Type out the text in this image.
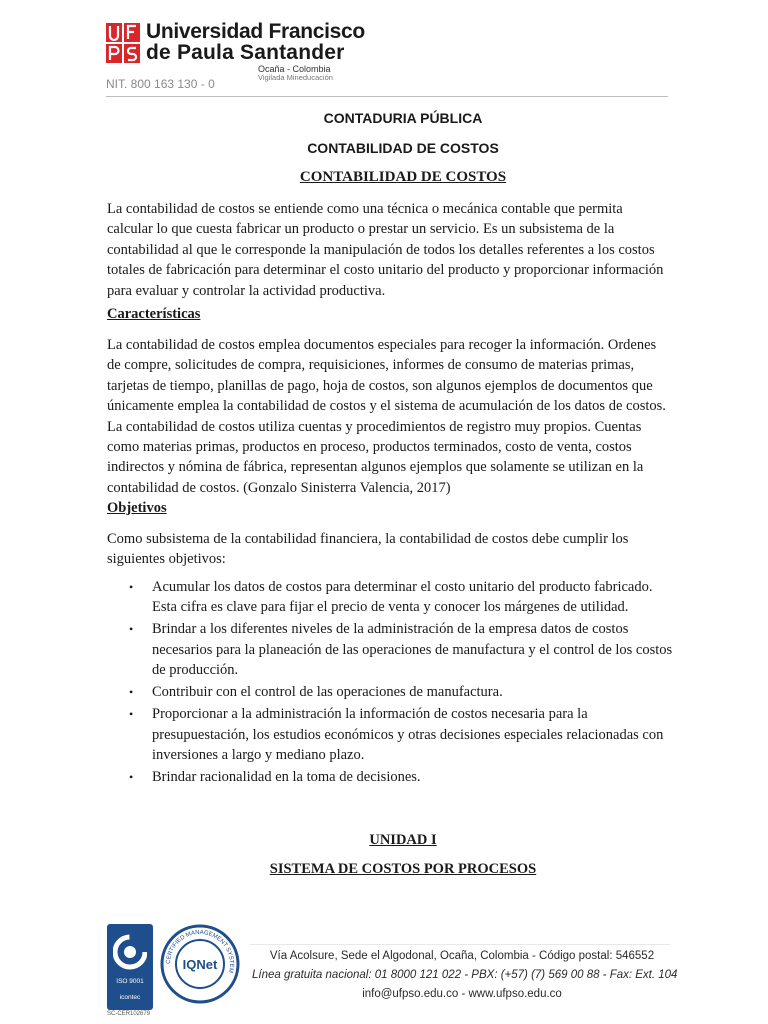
Universidad Francisco
de Paula Santander
Ocaña - Colombia
Vigilada Mineducación
NIT. 800 163 130 - 0
CONTADURIA PÚBLICA
CONTABILIDAD DE COSTOS
CONTABILIDAD DE COSTOS
La contabilidad de costos se entiende como una técnica o mecánica contable que permita calcular lo que cuesta fabricar un producto o prestar un servicio. Es un subsistema de la contabilidad al que le corresponde la manipulación de todos los detalles referentes a los costos totales de fabricación para determinar el costo unitario del producto y proporcionar información para evaluar y controlar la actividad productiva.
Características
La contabilidad de costos emplea documentos especiales para recoger la información. Ordenes de compre, solicitudes de compra, requisiciones, informes de consumo de materias primas, tarjetas de tiempo, planillas de pago, hoja de costos, son algunos ejemplos de documentos que únicamente emplea la contabilidad de costos y el sistema de acumulación de los datos de costos. La contabilidad de costos utiliza cuentas y procedimientos de registro muy propios. Cuentas como materias primas, productos en proceso, productos terminados, costo de venta, costos indirectos y nómina de fábrica, representan algunos ejemplos que solamente se utilizan en la contabilidad de costos. (Gonzalo Sinisterra Valencia, 2017)
Objetivos
Como subsistema de la contabilidad financiera, la contabilidad de costos debe cumplir los siguientes objetivos:
• Acumular los datos de costos para determinar el costo unitario del producto fabricado. Esta cifra es clave para fijar el precio de venta y conocer los márgenes de utilidad.
• Brindar a los diferentes niveles de la administración de la empresa datos de costos necesarios para la planeación de las operaciones de manufactura y el control de los costos de producción.
• Contribuir con el control de las operaciones de manufactura.
• Proporcionar a la administración la información de costos necesaria para la presupuestación, los estudios económicos y otras decisiones especiales relacionadas con inversiones a largo y mediano plazo.
• Brindar racionalidad en la toma de decisiones.
UNIDAD I
SISTEMA DE COSTOS POR PROCESOS
ISO 9001
icontec
SC-CER102679
CERTIFIED MANAGEMENT SYSTEM
IQNet
Vía Acolsure, Sede el Algodonal, Ocaña, Colombia - Código postal: 546552
Línea gratuita nacional: 01 8000 121 022 - PBX: (+57) (7) 569 00 88 - Fax: Ext. 104
info@ufpso.edu.co - www.ufpso.edu.co
